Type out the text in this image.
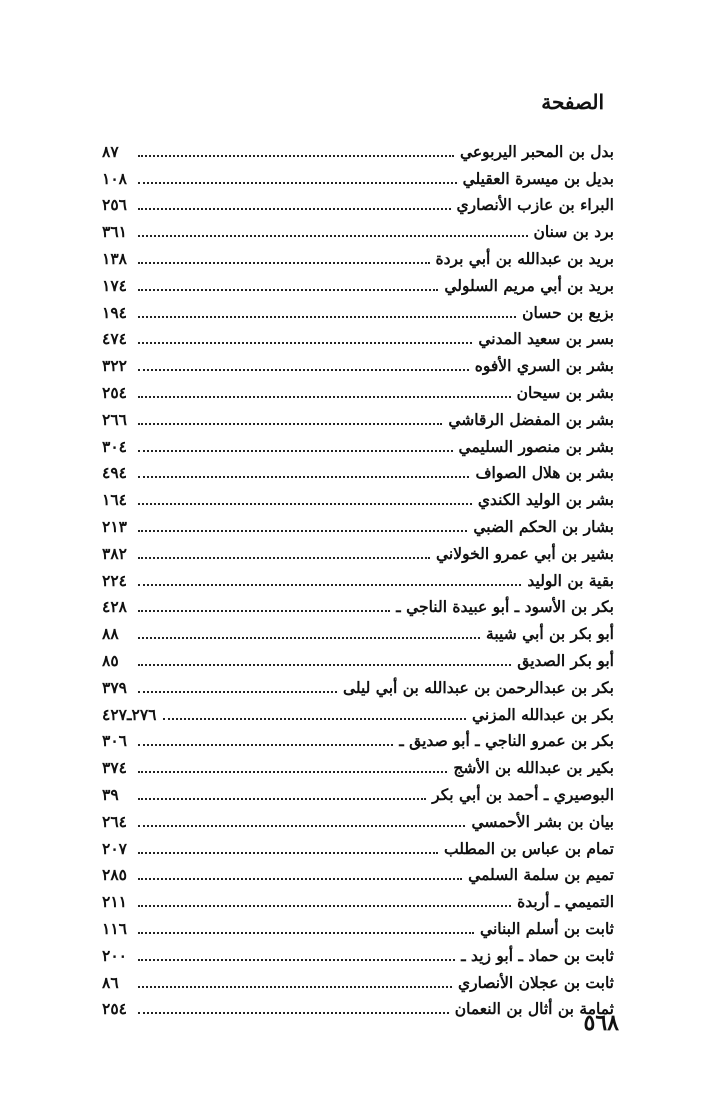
الصفحة
بدل بن المحبر اليربوعي
٨٧
بديل بن ميسرة العقيلي
١٠٨
البراء بن عازب الأنصاري
٢٥٦
برد بن سنان
٣٦١
بريد بن عبدالله بن أبي بردة
١٣٨
بريد بن أبي مريم السلولي
١٧٤
بزيع بن حسان
١٩٤
بسر بن سعيد المدني
٤٧٤
بشر بن السري الأفوه
٣٢٢
بشر بن سيحان
٢٥٤
بشر بن المفضل الرقاشي
٢٦٦
بشر بن منصور السليمي
٣٠٤
بشر بن هلال الصواف
٤٩٤
بشر بن الوليد الكندي
١٦٤
بشار بن الحكم الضبي
٢١٣
بشير بن أبي عمرو الخولاني
٣٨٢
بقية بن الوليد
٢٢٤
بكر بن الأسود ـ أبو عبيدة الناجي ـ
٤٢٨
أبو بكر بن أبي شيبة
٨٨
أبو بكر الصديق
٨٥
بكر بن عبدالرحمن بن عبدالله بن أبي ليلى
٣٧٩
بكر بن عبدالله المزني
٢٧٦ـ٤٢٧
بكر بن عمرو الناجي ـ أبو صديق ـ
٣٠٦
بكير بن عبدالله بن الأشج
٣٧٤
البوصيري ـ أحمد بن أبي بكر
٣٩
بيان بن بشر الأحمسي
٢٦٤
تمام بن عباس بن المطلب
٢٠٧
تميم بن سلمة السلمي
٢٨٥
التميمي ـ أربدة
٢١١
ثابت بن أسلم البناني
١١٦
ثابت بن حماد ـ أبو زيد ـ
٢٠٠
ثابت بن عجلان الأنصاري
٨٦
ثمامة بن أثال بن النعمان
٢٥٤
٥٦٨
